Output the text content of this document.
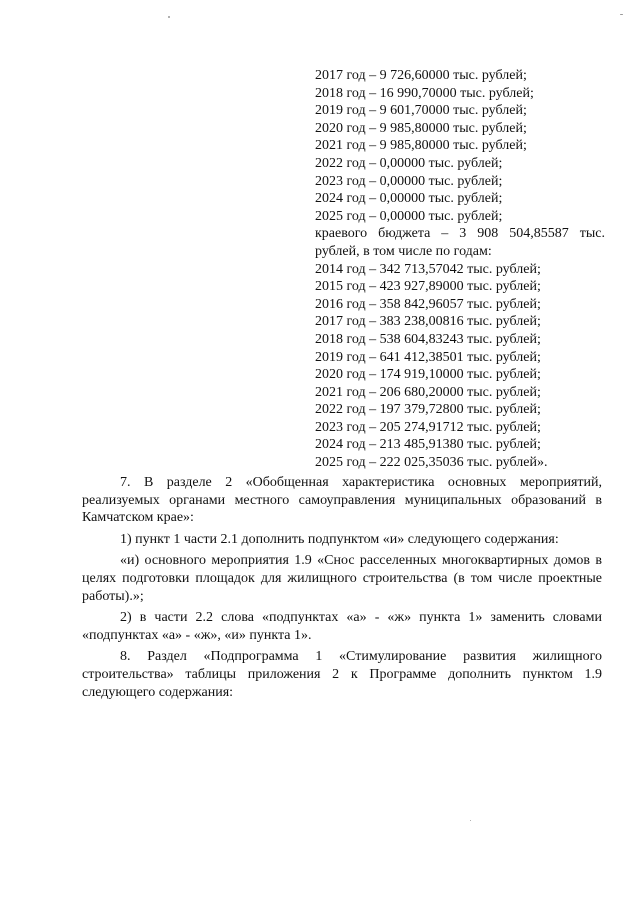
2017 год – 9 726,60000 тыс. рублей;
2018 год – 16 990,70000 тыс. рублей;
2019 год – 9 601,70000 тыс. рублей;
2020 год – 9 985,80000 тыс. рублей;
2021 год – 9 985,80000 тыс. рублей;
2022 год – 0,00000 тыс. рублей;
2023 год – 0,00000 тыс. рублей;
2024 год – 0,00000 тыс. рублей;
2025 год – 0,00000 тыс. рублей;
краевого бюджета – 3 908 504,85587 тыс.
рублей, в том числе по годам:
2014 год – 342 713,57042 тыс. рублей;
2015 год – 423 927,89000 тыс. рублей;
2016 год – 358 842,96057 тыс. рублей;
2017 год – 383 238,00816 тыс. рублей;
2018 год – 538 604,83243 тыс. рублей;
2019 год – 641 412,38501 тыс. рублей;
2020 год – 174 919,10000 тыс. рублей;
2021 год – 206 680,20000 тыс. рублей;
2022 год – 197 379,72800 тыс. рублей;
2023 год – 205 274,91712 тыс. рублей;
2024 год – 213 485,91380 тыс. рублей;
2025 год – 222 025,35036 тыс. рублей».

7. В разделе 2 «Обобщенная характеристика основных мероприятий, реализуемых органами местного самоуправления муниципальных образований в Камчатском крае»:

1) пункт 1 части 2.1 дополнить подпунктом «и» следующего содержания:

«и) основного мероприятия 1.9 «Снос расселенных многоквартирных домов в целях подготовки площадок для жилищного строительства (в том числе проектные работы).»;

2) в части 2.2 слова «подпунктах «а» - «ж» пункта 1» заменить словами «подпунктах «а» - «ж», «и» пункта 1».

8. Раздел «Подпрограмма 1 «Стимулирование развития жилищного строительства» таблицы приложения 2 к Программе дополнить пунктом 1.9 следующего содержания:
